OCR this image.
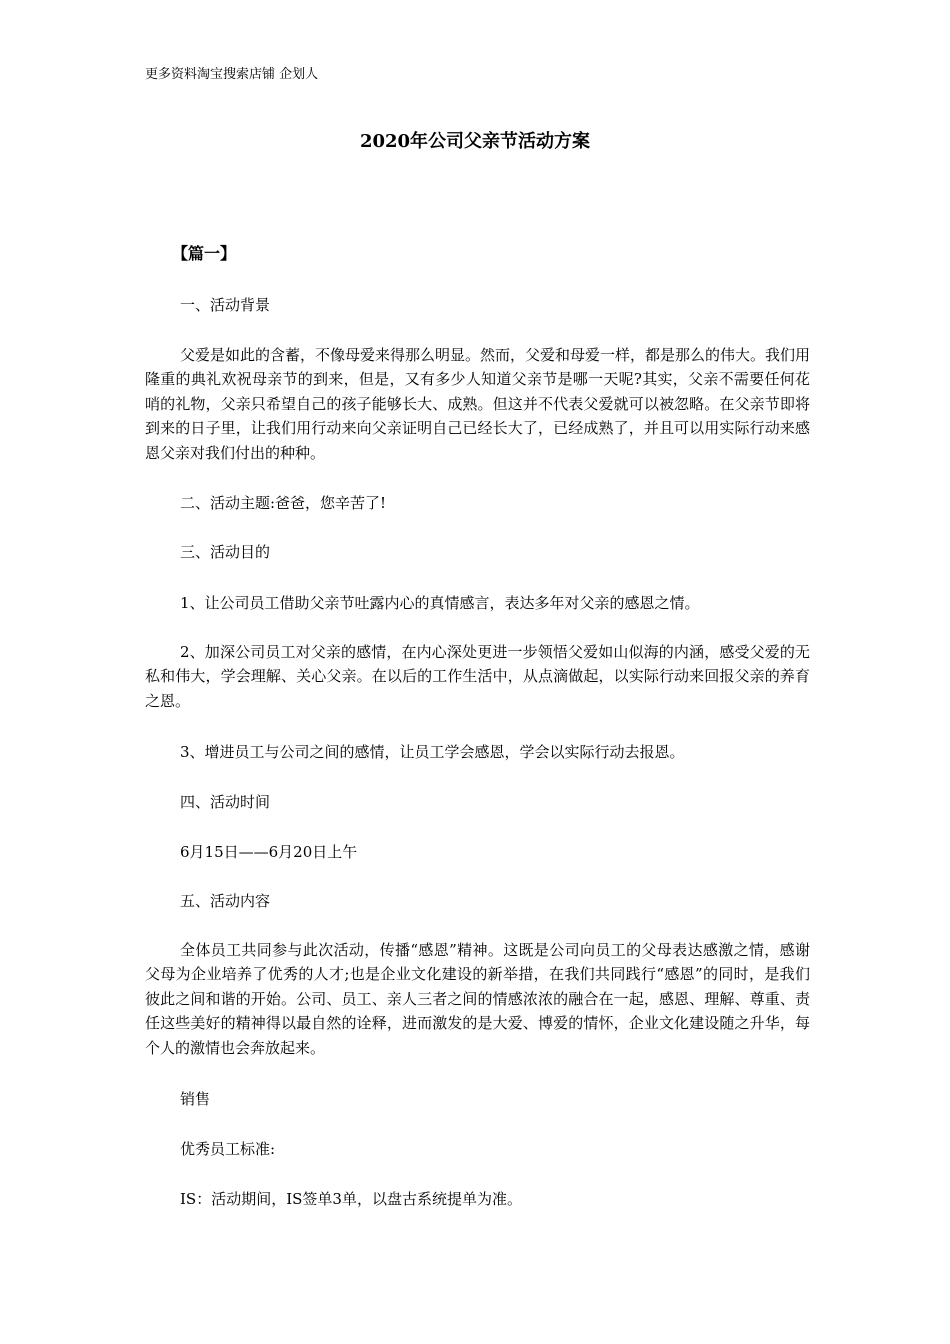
更多资料淘宝搜索店铺 企划人
2020年公司父亲节活动方案
【篇一】
一、活动背景

父爱是如此的含蓄，不像母爱来得那么明显。然而，父爱和母爱一样，都是那么的伟大。我们用隆重的典礼欢祝母亲节的到来，但是，又有多少人知道父亲节是哪一天呢?其实，父亲不需要任何花哨的礼物，父亲只希望自己的孩子能够长大、成熟。但这并不代表父爱就可以被忽略。在父亲节即将到来的日子里，让我们用行动来向父亲证明自己已经长大了，已经成熟了，并且可以用实际行动来感恩父亲对我们付出的种种。

二、活动主题:爸爸，您辛苦了!
三、活动目的
1、让公司员工借助父亲节吐露内心的真情感言，表达多年对父亲的感恩之情。

2、加深公司员工对父亲的感情，在内心深处更进一步领悟父爱如山似海的内涵，感受父爱的无私和伟大，学会理解、关心父亲。在以后的工作生活中，从点滴做起，以实际行动来回报父亲的养育之恩。

3、增进员工与公司之间的感情，让员工学会感恩，学会以实际行动去报恩。
四、活动时间
6月15日——6月20日上午
五、活动内容

全体员工共同参与此次活动，传播“感恩”精神。这既是公司向员工的父母表达感激之情，感谢父母为企业培养了优秀的人才;也是企业文化建设的新举措，在我们共同践行“感恩”的同时，是我们彼此之间和谐的开始。公司、员工、亲人三者之间的情感浓浓的融合在一起，感恩、理解、尊重、责任这些美好的精神得以最自然的诠释，进而激发的是大爱、博爱的情怀，企业文化建设随之升华，每个人的激情也会奔放起来。

销售
优秀员工标准:
IS：活动期间，IS签单3单，以盘古系统提单为准。
